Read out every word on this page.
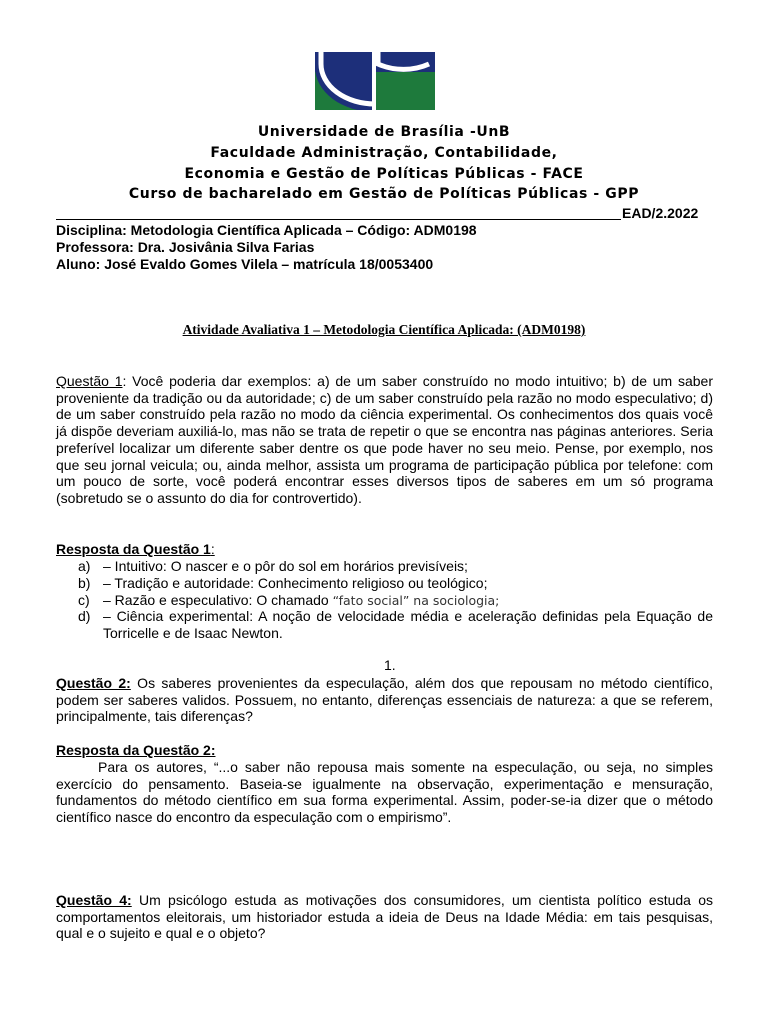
Universidade de Brasília -UnB
Faculdade Administração, Contabilidade,
Economia e Gestão de Políticas Públicas - FACE
Curso de bacharelado em Gestão de Políticas Públicas - GPP
EAD/2.2022
Disciplina: Metodologia Científica Aplicada – Código: ADM0198
Professora: Dra. Josivânia Silva Farias
Aluno: José Evaldo Gomes Vilela – matrícula 18/0053400
Atividade Avaliativa 1 – Metodologia Científica Aplicada: (ADM0198)
Questão 1: Você poderia dar exemplos: a) de um saber construído no modo intuitivo; b) de um saber proveniente da tradição ou da autoridade; c) de um saber construído pela razão no modo especulativo; d) de um saber construído pela razão no modo da ciência experimental. Os conhecimentos dos quais você já dispõe deveriam auxiliá-lo, mas não se trata de repetir o que se encontra nas páginas anteriores. Seria preferível localizar um diferente saber dentre os que pode haver no seu meio. Pense, por exemplo, nos que seu jornal veicula; ou, ainda melhor, assista um programa de participação pública por telefone: com um pouco de sorte, você poderá encontrar esses diversos tipos de saberes em um só programa (sobretudo se o assunto do dia for controvertido).
Resposta da Questão 1:
a) – Intuitivo: O nascer e o pôr do sol em horários previsíveis;
b) – Tradição e autoridade: Conhecimento religioso ou teológico;
c) – Razão e especulativo: O chamado “fato social” na sociologia;
d) – Ciência experimental: A noção de velocidade média e aceleração definidas pela Equação de Torricelle e de Isaac Newton.
1.
Questão 2: Os saberes provenientes da especulação, além dos que repousam no método científico, podem ser saberes validos. Possuem, no entanto, diferenças essenciais de natureza: a que se referem, principalmente, tais diferenças?
Resposta da Questão 2:
Para os autores, “...o saber não repousa mais somente na especulação, ou seja, no simples exercício do pensamento. Baseia-se igualmente na observação, experimentação e mensuração, fundamentos do método científico em sua forma experimental. Assim, poder-se-ia dizer que o método científico nasce do encontro da especulação com o empirismo”.
Questão 4: Um psicólogo estuda as motivações dos consumidores, um cientista político estuda os comportamentos eleitorais, um historiador estuda a ideia de Deus na Idade Média: em tais pesquisas, qual e o sujeito e qual e o objeto?
